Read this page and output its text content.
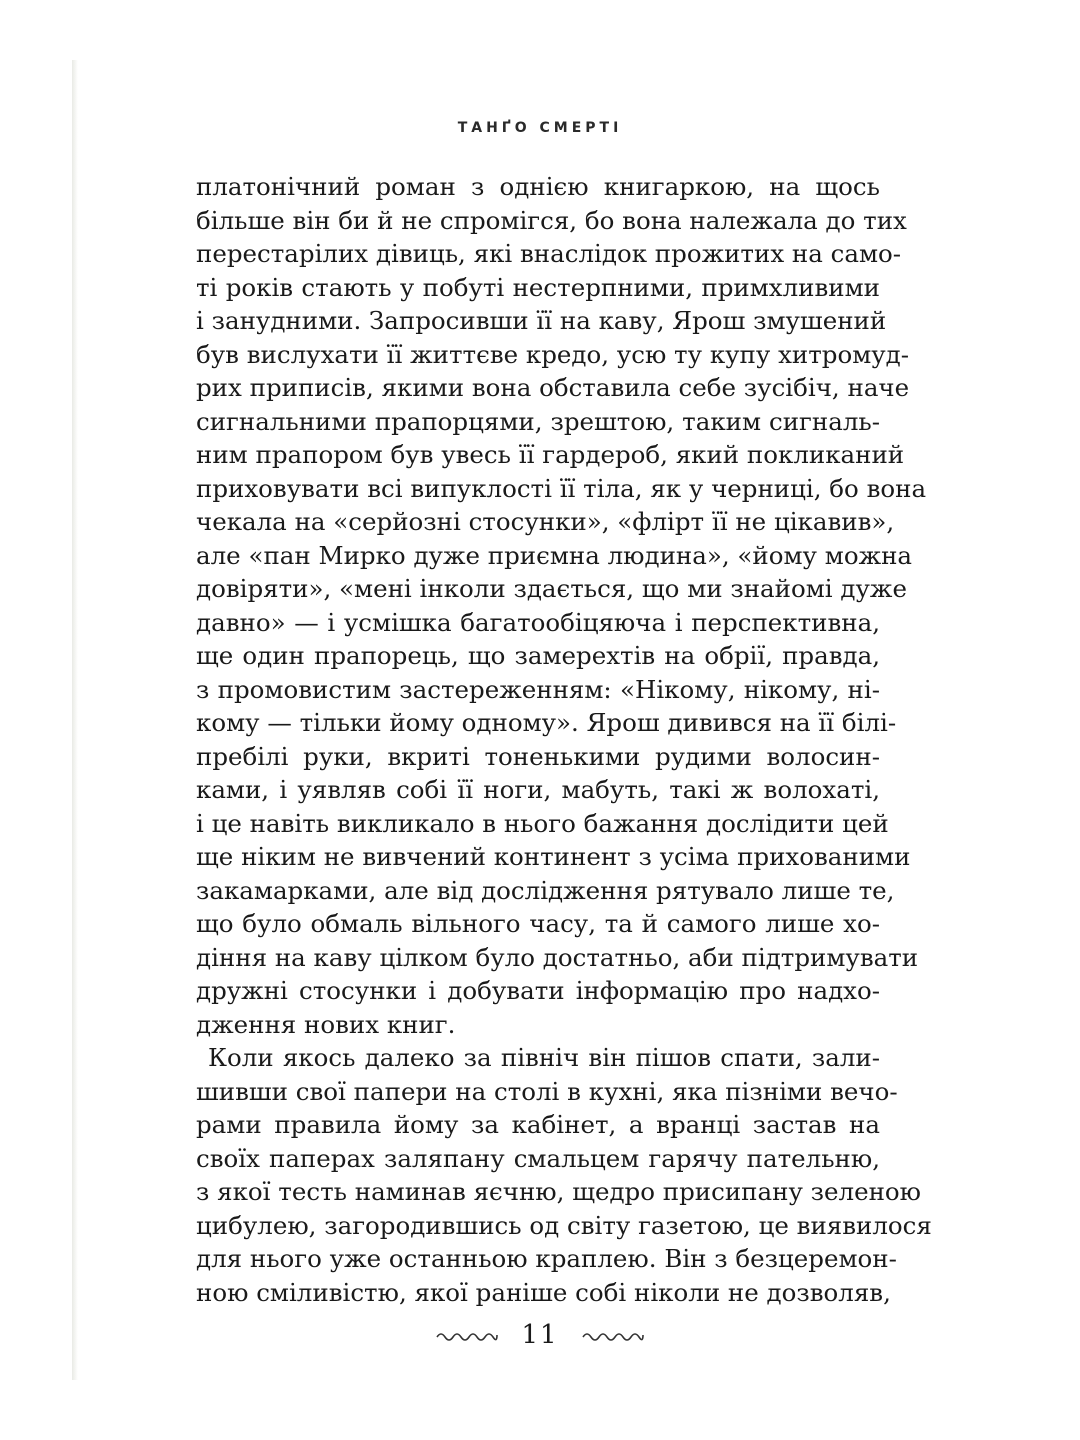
ТАНҐО СМЕРТІ
платонічний роман з однією книгаркою, на щось
більше він би й не спромігся, бо вона належала до тих
перестарілих дівиць, які внаслідок прожитих на само-
ті років стають у побуті нестерпними, примхливими
і занудними. Запросивши її на каву, Ярош змушений
був вислухати її життєве кредо, усю ту купу хитромуд-
рих приписів, якими вона обставила себе зусібіч, наче
сигнальними прапорцями, зрештою, таким сигналь-
ним прапором був увесь її гардероб, який покликаний
приховувати всі випуклості її тіла, як у черниці, бо вона
чекала на «серйозні стосунки», «флірт її не цікавив»,
але «пан Мирко дуже приємна людина», «йому можна
довіряти», «мені інколи здається, що ми знайомі дуже
давно» — і усмішка багатообіцяюча і перспективна,
ще один прапорець, що замерехтів на обрії, правда,
з промовистим застереженням: «Нікому, нікому, ні-
кому — тільки йому одному». Ярош дивився на її білі-
пребілі руки, вкриті тоненькими рудими волосин-
ками, і уявляв собі її ноги, мабуть, такі ж волохаті,
і це навіть викликало в нього бажання дослідити цей
ще ніким не вивчений континент з усіма прихованими
закамарками, але від дослідження рятувало лише те,
що було обмаль вільного часу, та й самого лише хо-
діння на каву цілком було достатньо, аби підтримувати
дружні стосунки і добувати інформацію про надхо-
дження нових книг.
Коли якось далеко за північ він пішов спати, зали-
шивши свої папери на столі в кухні, яка пізніми вечо-
рами правила йому за кабінет, а вранці застав на
своїх паперах заляпану смальцем гарячу пательню,
з якої тесть наминав яєчню, щедро присипану зеленою
цибулею, загородившись од світу газетою, це виявилося
для нього уже останньою краплею. Він з безцеремон-
ною сміливістю, якої раніше собі ніколи не дозволяв,
11
